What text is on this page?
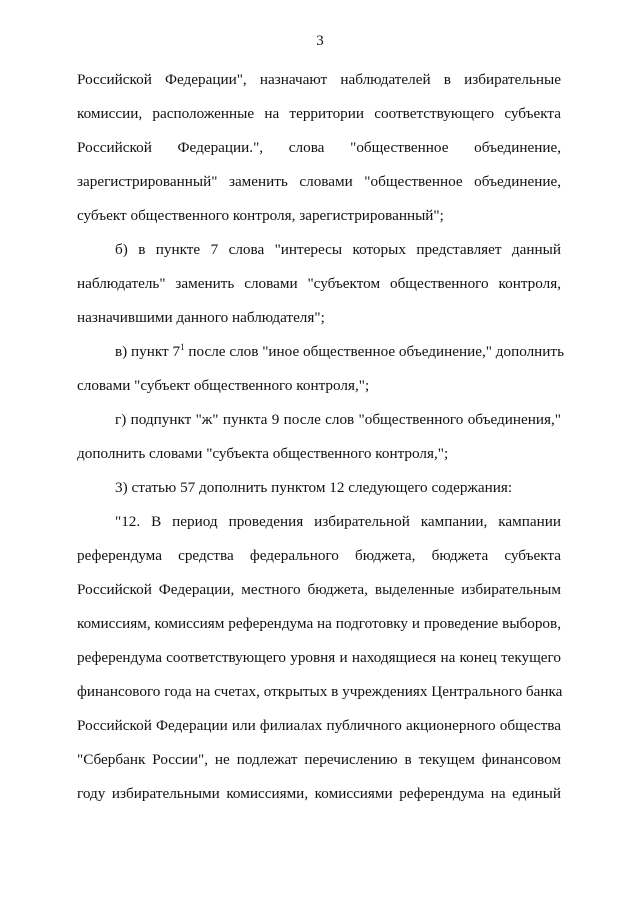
3
Российской Федерации", назначают наблюдателей в избирательные
комиссии, расположенные на территории соответствующего субъекта
Российской Федерации.", слова "общественное объединение,
зарегистрированный" заменить словами "общественное объединение,
субъект общественного контроля, зарегистрированный";
б) в пункте 7 слова "интересы которых представляет данный
наблюдатель" заменить словами "субъектом общественного контроля,
назначившими данного наблюдателя";
в) пункт $7^1$ после слов "иное общественное объединение," дополнить
словами "субъект общественного контроля,";
г) подпункт "ж" пункта 9 после слов "общественного объединения,"
дополнить словами "субъекта общественного контроля,";
3) статью 57 дополнить пунктом 12 следующего содержания:
"12. В период проведения избирательной кампании, кампании
референдума средства федерального бюджета, бюджета субъекта
Российской Федерации, местного бюджета, выделенные избирательным
комиссиям, комиссиям референдума на подготовку и проведение выборов,
референдума соответствующего уровня и находящиеся на конец текущего
финансового года на счетах, открытых в учреждениях Центрального банка
Российской Федерации или филиалах публичного акционерного общества
"Сбербанк России", не подлежат перечислению в текущем финансовом
году избирательными комиссиями, комиссиями референдума на единый
